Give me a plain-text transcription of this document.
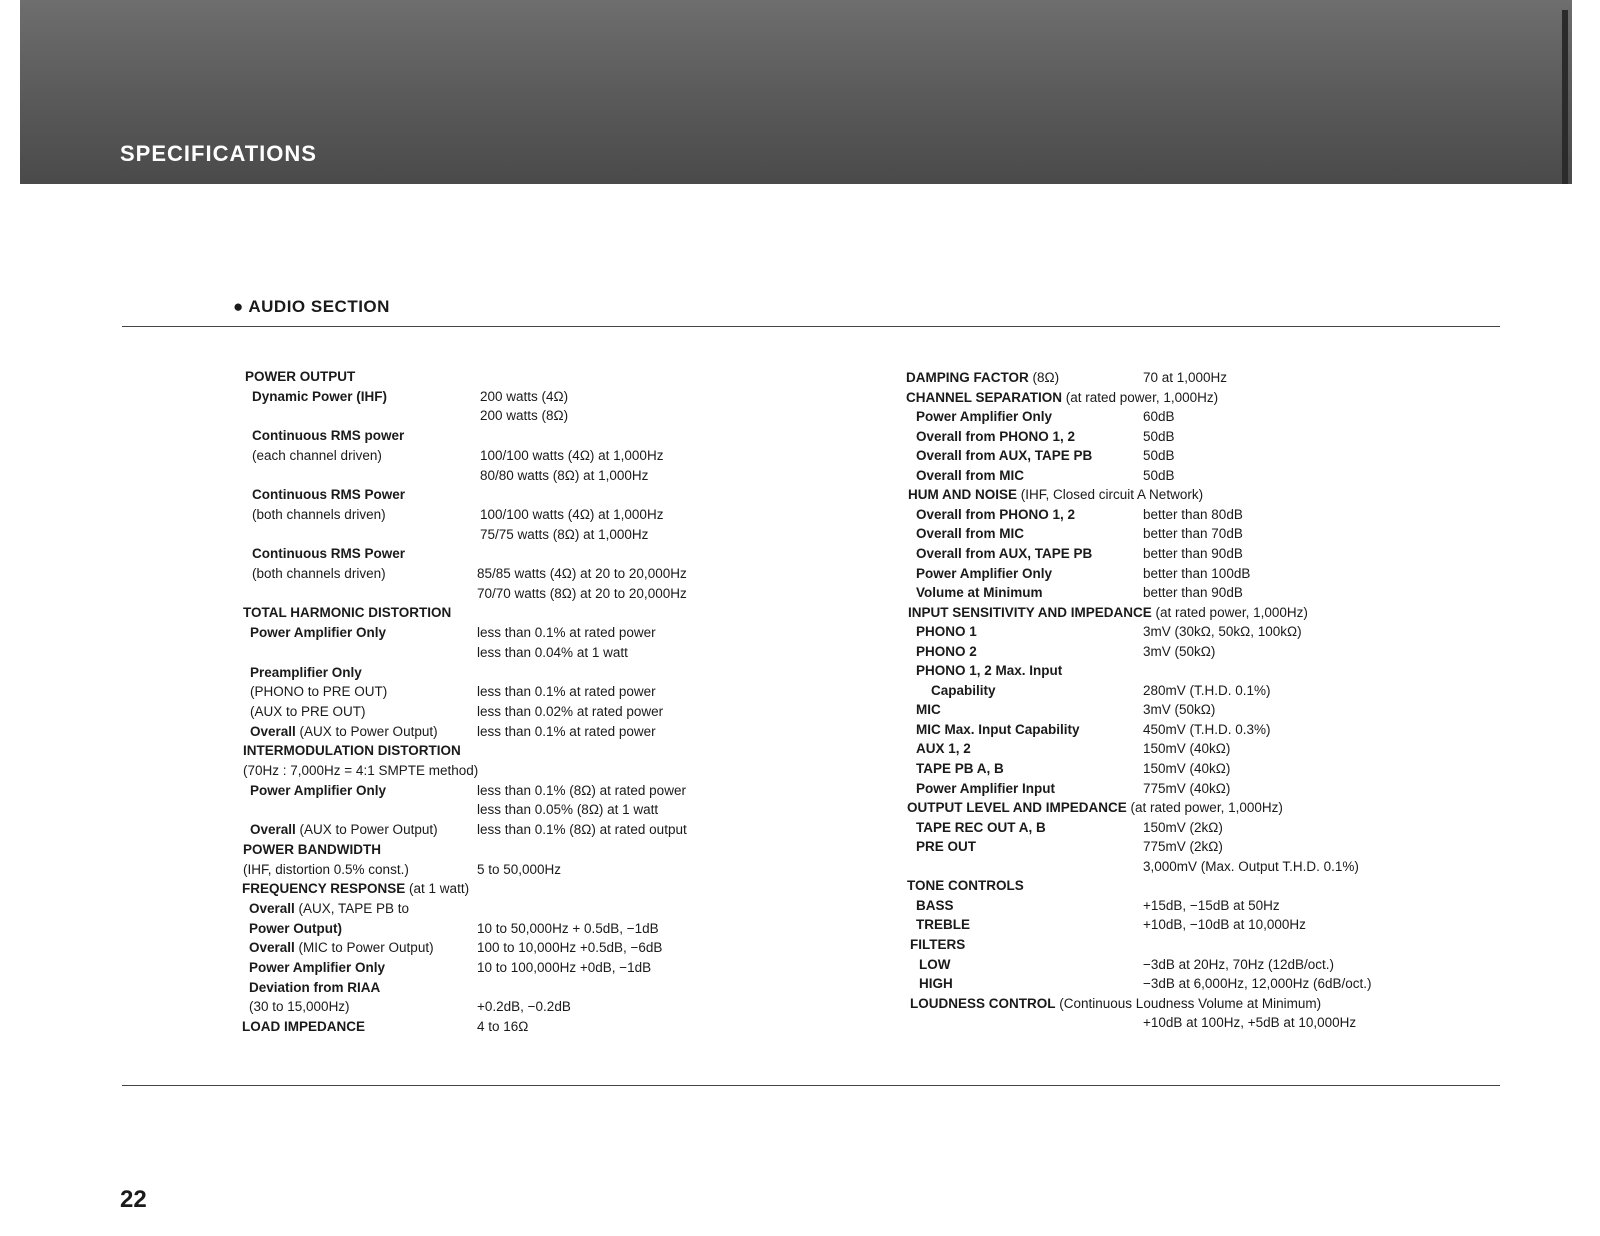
SPECIFICATIONS
● AUDIO SECTION
22
POWER OUTPUT
Dynamic Power (IHF)	200 watts (4Ω)
200 watts (8Ω)
Continuous RMS power
(each channel driven)	100/100 watts (4Ω) at 1,000Hz
80/80 watts (8Ω) at 1,000Hz
Continuous RMS Power
(both channels driven)	100/100 watts (4Ω) at 1,000Hz
75/75 watts (8Ω) at 1,000Hz
Continuous RMS Power
(both channels driven)	85/85 watts (4Ω) at 20 to 20,000Hz
70/70 watts (8Ω) at 20 to 20,000Hz
TOTAL HARMONIC DISTORTION
Power Amplifier Only	less than 0.1% at rated power
less than 0.04% at 1 watt
Preamplifier Only
(PHONO to PRE OUT)	less than 0.1% at rated power
(AUX to PRE OUT)	less than 0.02% at rated power
Overall (AUX to Power Output)	less than 0.1% at rated power
INTERMODULATION DISTORTION
(70Hz : 7,000Hz = 4:1 SMPTE method)
Power Amplifier Only	less than 0.1% (8Ω) at rated power
less than 0.05% (8Ω) at 1 watt
Overall (AUX to Power Output)	less than 0.1% (8Ω) at rated output
POWER BANDWIDTH
(IHF, distortion 0.5% const.)	5 to 50,000Hz
FREQUENCY RESPONSE (at 1 watt)
Overall (AUX, TAPE PB to
Power Output)	10 to 50,000Hz + 0.5dB, −1dB
Overall (MIC to Power Output)	100 to 10,000Hz +0.5dB, −6dB
Power Amplifier Only	10 to 100,000Hz +0dB, −1dB
Deviation from RIAA
(30 to 15,000Hz)	+0.2dB, −0.2dB
LOAD IMPEDANCE	4 to 16Ω
DAMPING FACTOR (8Ω)	70 at 1,000Hz
CHANNEL SEPARATION (at rated power, 1,000Hz)
Power Amplifier Only	60dB
Overall from PHONO 1, 2	50dB
Overall from AUX, TAPE PB	50dB
Overall from MIC	50dB
HUM AND NOISE (IHF, Closed circuit A Network)
Overall from PHONO 1, 2	better than 80dB
Overall from MIC	better than 70dB
Overall from AUX, TAPE PB	better than 90dB
Power Amplifier Only	better than 100dB
Volume at Minimum	better than 90dB
INPUT SENSITIVITY AND IMPEDANCE (at rated power, 1,000Hz)
PHONO 1	3mV (30kΩ, 50kΩ, 100kΩ)
PHONO 2	3mV (50kΩ)
PHONO 1, 2 Max. Input
Capability	280mV (T.H.D. 0.1%)
MIC	3mV (50kΩ)
MIC Max. Input Capability	450mV (T.H.D. 0.3%)
AUX 1, 2	150mV (40kΩ)
TAPE PB A, B	150mV (40kΩ)
Power Amplifier Input	775mV (40kΩ)
OUTPUT LEVEL AND IMPEDANCE (at rated power, 1,000Hz)
TAPE REC OUT A, B	150mV (2kΩ)
PRE OUT	775mV (2kΩ)
3,000mV (Max. Output T.H.D. 0.1%)
TONE CONTROLS
BASS	+15dB, −15dB at 50Hz
TREBLE	+10dB, −10dB at 10,000Hz
FILTERS
LOW	−3dB at 20Hz, 70Hz (12dB/oct.)
HIGH	−3dB at 6,000Hz, 12,000Hz (6dB/oct.)
LOUDNESS CONTROL (Continuous Loudness Volume at Minimum)
+10dB at 100Hz, +5dB at 10,000Hz
